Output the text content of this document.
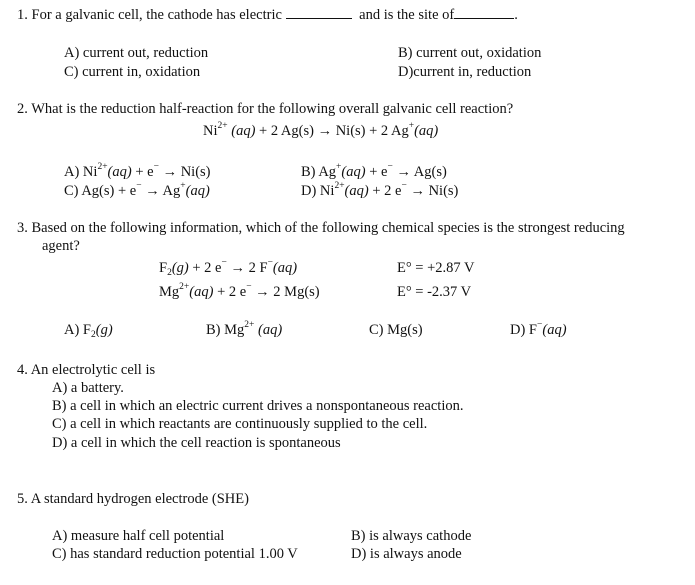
1. For a galvanic cell, the cathode has electric	and is the site of	.
A) current out, reduction	B) current out, oxidation
C) current in, oxidation	D)current in, reduction
2. What is the reduction half-reaction for the following overall galvanic cell reaction?
$Ni^{2+}$ (aq) + 2 Ag(s) → Ni(s) + 2 Ag+(aq)
A) $Ni^{2+}(aq) + e^- \to Ni(s)$	B) Ag+(aq) + e− → Ag(s)
C) Ag(s) + e− → Ag+(aq)	D) $Ni^{2+}(aq) + 2$ e− → Ni(s)
3. Based on the following information, which of the following chemical species is the strongest reducing
agent?
$F_2(g) + 2$ e− → 2 F−(aq)	E° = +2.87 V
$Mg^{2+}(aq) + 2$ e− → 2 Mg(s)	E° = -2.37 V
A) $F_2(g)$	B) $Mg^{2+}$ (aq)	C) Mg(s)	D) F−(aq)
4. An electrolytic cell is
A) a battery.
B) a cell in which an electric current drives a nonspontaneous reaction.
C) a cell in which reactants are continuously supplied to the cell.
D) a cell in which the cell reaction is spontaneous
5. A standard hydrogen electrode (SHE)
A) measure half cell potential	B) is always cathode
C) has standard reduction potential 1.00 V	D) is always anode
